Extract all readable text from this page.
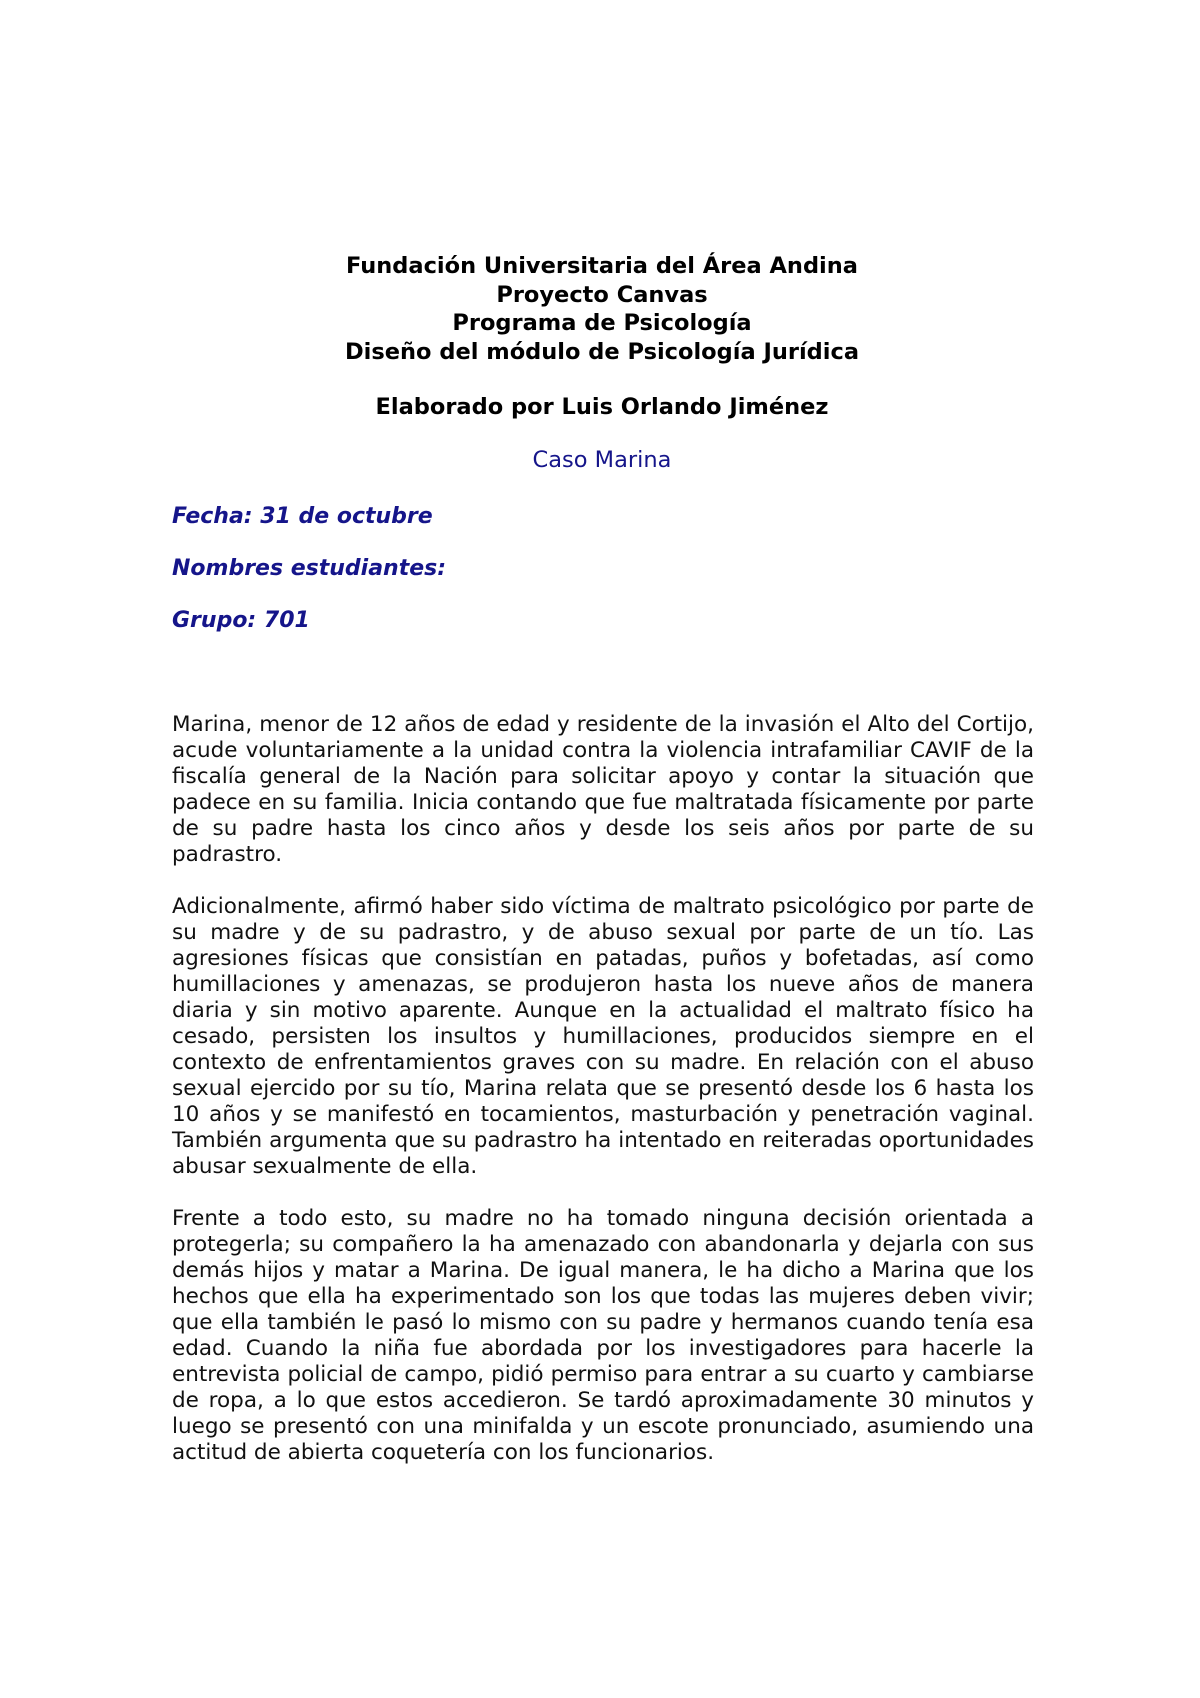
Fundación Universitaria del Área Andina
Proyecto Canvas
Programa de Psicología
Diseño del módulo de Psicología Jurídica
Elaborado por Luis Orlando Jiménez
Caso Marina
Fecha: 31 de octubre
Nombres estudiantes:
Grupo: 701

Marina, menor de 12 años de edad y residente de la invasión el Alto del Cortijo, acude voluntariamente a la unidad contra la violencia intrafamiliar CAVIF de la fiscalía general de la Nación para solicitar apoyo y contar la situación que padece en su familia. Inicia contando que fue maltratada físicamente por parte de su padre hasta los cinco años y desde los seis años por parte de su padrastro.

Adicionalmente, afirmó haber sido víctima de maltrato psicológico por parte de su madre y de su padrastro, y de abuso sexual por parte de un tío. Las agresiones físicas que consistían en patadas, puños y bofetadas, así como humillaciones y amenazas, se produjeron hasta los nueve años de manera diaria y sin motivo aparente. Aunque en la actualidad el maltrato físico ha cesado, persisten los insultos y humillaciones, producidos siempre en el contexto de enfrentamientos graves con su madre. En relación con el abuso sexual ejercido por su tío, Marina relata que se presentó desde los 6 hasta los 10 años y se manifestó en tocamientos, masturbación y penetración vaginal. También argumenta que su padrastro ha intentado en reiteradas oportunidades abusar sexualmente de ella.

Frente a todo esto, su madre no ha tomado ninguna decisión orientada a protegerla; su compañero la ha amenazado con abandonarla y dejarla con sus demás hijos y matar a Marina. De igual manera, le ha dicho a Marina que los hechos que ella ha experimentado son los que todas las mujeres deben vivir; que ella también le pasó lo mismo con su padre y hermanos cuando tenía esa edad. Cuando la niña fue abordada por los investigadores para hacerle la entrevista policial de campo, pidió permiso para entrar a su cuarto y cambiarse de ropa, a lo que estos accedieron. Se tardó aproximadamente 30 minutos y luego se presentó con una minifalda y un escote pronunciado, asumiendo una actitud de abierta coquetería con los funcionarios.
